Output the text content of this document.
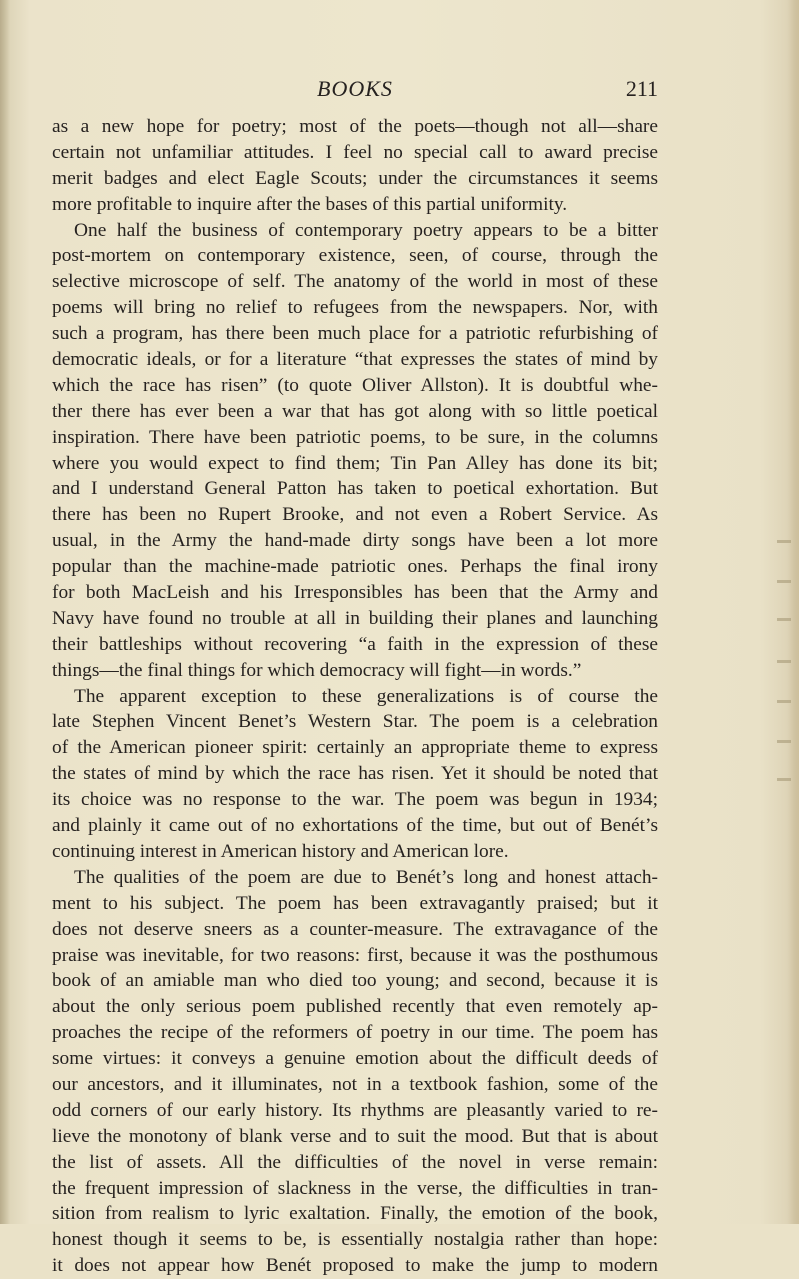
BOOKS	211
as a new hope for poetry; most of the poets—though not all—share
certain not unfamiliar attitudes. I feel no special call to award precise
merit badges and elect Eagle Scouts; under the circumstances it seems
more profitable to inquire after the bases of this partial uniformity.
One half the business of contemporary poetry appears to be a bitter
post-mortem on contemporary existence, seen, of course, through the
selective microscope of self. The anatomy of the world in most of these
poems will bring no relief to refugees from the newspapers. Nor, with
such a program, has there been much place for a patriotic refurbishing of
democratic ideals, or for a literature “that expresses the states of mind by
which the race has risen” (to quote Oliver Allston). It is doubtful whe-
ther there has ever been a war that has got along with so little poetical
inspiration. There have been patriotic poems, to be sure, in the columns
where you would expect to find them; Tin Pan Alley has done its bit;
and I understand General Patton has taken to poetical exhortation. But
there has been no Rupert Brooke, and not even a Robert Service. As
usual, in the Army the hand-made dirty songs have been a lot more
popular than the machine-made patriotic ones. Perhaps the final irony
for both MacLeish and his Irresponsibles has been that the Army and
Navy have found no trouble at all in building their planes and launching
their battleships without recovering “a faith in the expression of these
things—the final things for which democracy will fight—in words.”
The apparent exception to these generalizations is of course the
late Stephen Vincent Benet’s Western Star. The poem is a celebration
of the American pioneer spirit: certainly an appropriate theme to express
the states of mind by which the race has risen. Yet it should be noted that
its choice was no response to the war. The poem was begun in 1934;
and plainly it came out of no exhortations of the time, but out of Benét’s
continuing interest in American history and American lore.
The qualities of the poem are due to Benét’s long and honest attach-
ment to his subject. The poem has been extravagantly praised; but it
does not deserve sneers as a counter-measure. The extravagance of the
praise was inevitable, for two reasons: first, because it was the posthumous
book of an amiable man who died too young; and second, because it is
about the only serious poem published recently that even remotely ap-
proaches the recipe of the reformers of poetry in our time. The poem has
some virtues: it conveys a genuine emotion about the difficult deeds of
our ancestors, and it illuminates, not in a textbook fashion, some of the
odd corners of our early history. Its rhythms are pleasantly varied to re-
lieve the monotony of blank verse and to suit the mood. But that is about
the list of assets. All the difficulties of the novel in verse remain:
the frequent impression of slackness in the verse, the difficulties in tran-
sition from realism to lyric exaltation. Finally, the emotion of the book,
honest though it seems to be, is essentially nostalgia rather than hope:
it does not appear how Benét proposed to make the jump to modern
